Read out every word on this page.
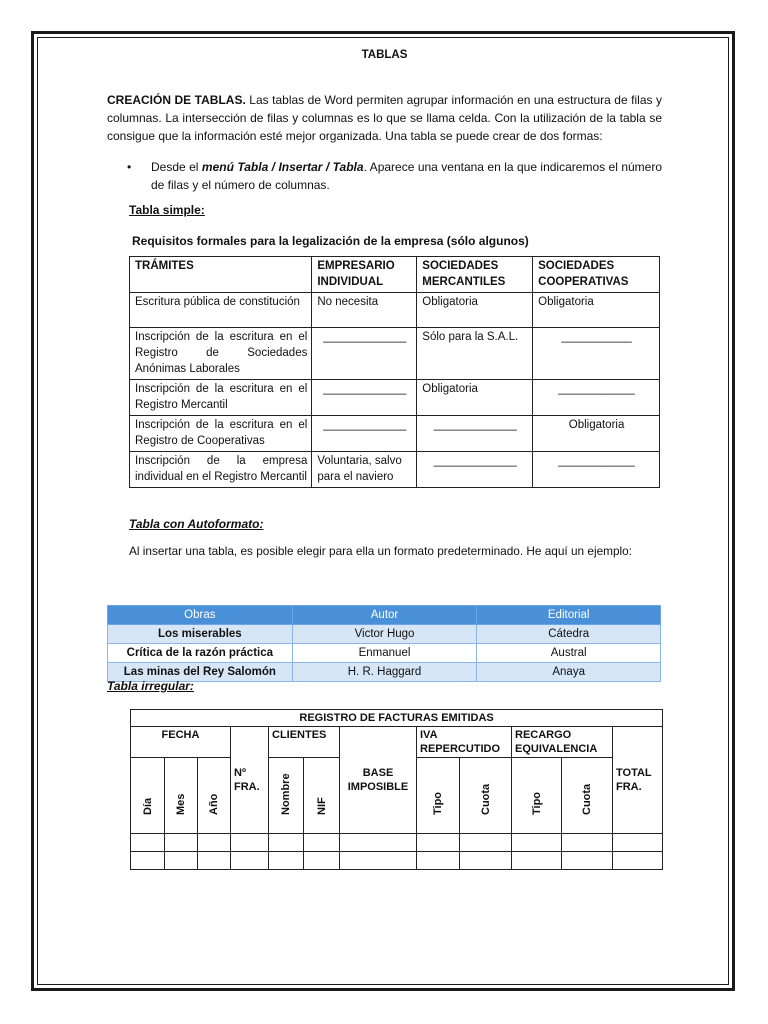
TABLAS

CREACIÓN DE TABLAS. Las tablas de Word permiten agrupar información en una estructura de filas y columnas. La intersección de filas y columnas es lo que se llama celda. Con la utilización de la tabla se consigue que la información esté mejor organizada. Una tabla se puede crear de dos formas:

•	Desde el menú Tabla / Insertar / Tabla. Aparece una ventana en la que indicaremos el número de filas y el número de columnas.
Tabla simple:
Requisitos formales para la legalización de la empresa (sólo algunos)
TRÁMITES	EMPRESARIO INDIVIDUAL	SOCIEDADES MERCANTILES	SOCIEDADES COOPERATIVAS
Escritura pública de constitución	No necesita	Obligatoria	Obligatoria
Inscripción de la escritura en el Registro de Sociedades Anónimas Laborales	_____________	Sólo para la S.A.L.	___________
Inscripción de la escritura en el Registro Mercantil	_____________	Obligatoria	____________
Inscripción de la escritura en el Registro de Cooperativas	_____________	_____________	Obligatoria
Inscripción de la empresa individual en el Registro Mercantil	Voluntaria, salvo para el naviero	_____________	____________
Tabla con Autoformato:
Al insertar una tabla, es posible elegir para ella un formato predeterminado. He aquí un ejemplo:
Obras	Autor	Editorial
Los miserables	Victor Hugo	Cátedra
Crítica de la razón práctica	Enmanuel	Austral
Las minas del Rey Salomón	H. R. Haggard	Anaya
Tabla irregular:
REGISTRO DE FACTURAS EMITIDAS											
FECHA			Nº FRA.	CLIENTES		BASE IMPOSIBLE	IVA REPERCUTIDO		RECARGO EQUIVALENCIA		TOTAL FRA.

Día	Mes	Año		Nombre	NIF		Tipo	Cuota	Tipo	Cuota	
